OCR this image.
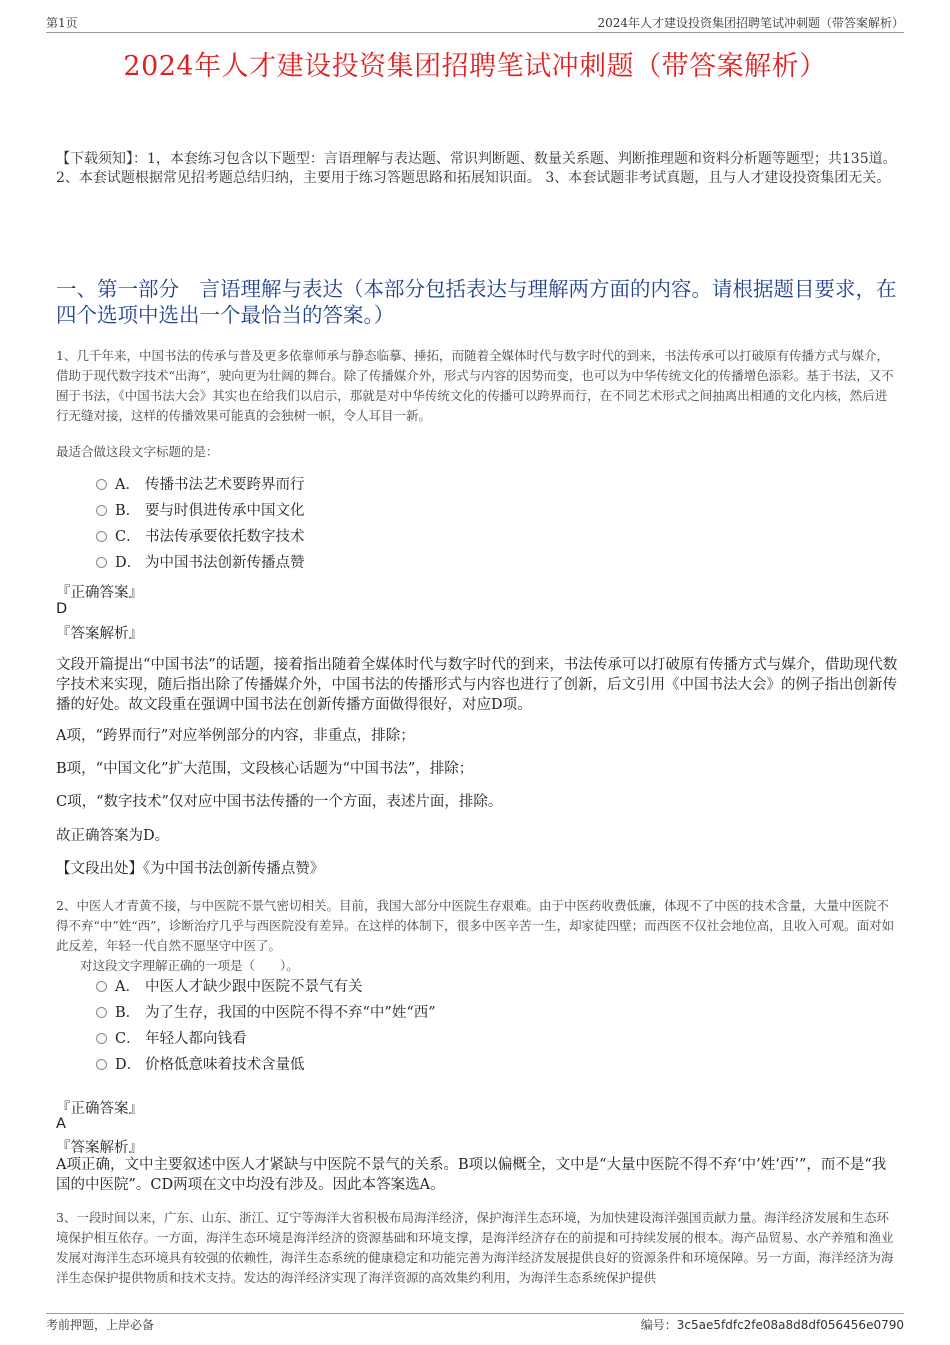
第1页	2024年人才建设投资集团招聘笔试冲刺题（带答案解析）
2024年人才建设投资集团招聘笔试冲刺题（带答案解析）
【下载须知】：1，本套练习包含以下题型：言语理解与表达题、常识判断题、数量关系题、判断推理题和资料分析题等题型；共135道。 2、本套试题根据常见招考题总结归纳，主要用于练习答题思路和拓展知识面。 3、本套试题非考试真题，且与人才建设投资集团无关。
一、第一部分　言语理解与表达（本部分包括表达与理解两方面的内容。请根据题目要求，在四个选项中选出一个最恰当的答案。）
1、几千年来，中国书法的传承与普及更多依靠师承与静态临摹、捶拓，而随着全媒体时代与数字时代的到来，书法传承可以打破原有传播方式与媒介，借助于现代数字技术“出海”，驶向更为壮阔的舞台。除了传播媒介外，形式与内容的因势而变，也可以为中华传统文化的传播增色添彩。基于书法，又不囿于书法，《中国书法大会》其实也在给我们以启示，那就是对中华传统文化的传播可以跨界而行，在不同艺术形式之间抽离出相通的文化内核，然后进行无缝对接，这样的传播效果可能真的会独树一帜，令人耳目一新。
最适合做这段文字标题的是：
A． 传播书法艺术要跨界而行
B． 要与时俱进传承中国文化
C． 书法传承要依托数字技术
D． 为中国书法创新传播点赞
『正确答案』
D
『答案解析』
文段开篇提出“中国书法”的话题，接着指出随着全媒体时代与数字时代的到来，书法传承可以打破原有传播方式与媒介，借助现代数字技术来实现，随后指出除了传播媒介外，中国书法的传播形式与内容也进行了创新，后文引用《中国书法大会》的例子指出创新传播的好处。故文段重在强调中国书法在创新传播方面做得很好，对应D项。
A项，“跨界而行”对应举例部分的内容，非重点，排除；
B项，“中国文化”扩大范围，文段核心话题为“中国书法”，排除；
C项，“数字技术”仅对应中国书法传播的一个方面，表述片面，排除。
故正确答案为D。
【文段出处】《为中国书法创新传播点赞》
2、中医人才青黄不接，与中医院不景气密切相关。目前，我国大部分中医院生存艰难。由于中医药收费低廉，体现不了中医的技术含量，大量中医院不得不弃“中”姓“西”，诊断治疗几乎与西医院没有差异。在这样的体制下，很多中医辛苦一生，却家徒四壁；而西医不仅社会地位高，且收入可观。面对如此反差，年轻一代自然不愿坚守中医了。
对这段文字理解正确的一项是（　　）。
A． 中医人才缺少跟中医院不景气有关
B． 为了生存，我国的中医院不得不弃“中”姓“西”
C． 年轻人都向钱看
D． 价格低意味着技术含量低
『正确答案』
A
『答案解析』
A项正确，文中主要叙述中医人才紧缺与中医院不景气的关系。B项以偏概全，文中是“大量中医院不得不弃‘中’姓‘西’”，而不是“我国的中医院”。CD两项在文中均没有涉及。因此本答案选A。
3、一段时间以来，广东、山东、浙江、辽宁等海洋大省积极布局海洋经济，保护海洋生态环境，为加快建设海洋强国贡献力量。海洋经济发展和生态环境保护相互依存。一方面，海洋生态环境是海洋经济的资源基础和环境支撑，是海洋经济存在的前提和可持续发展的根本。海产品贸易、水产养殖和渔业发展对海洋生态环境具有较强的依赖性，海洋生态系统的健康稳定和功能完善为海洋经济发展提供良好的资源条件和环境保障。另一方面，海洋经济为海洋生态保护提供物质和技术支持。发达的海洋经济实现了海洋资源的高效集约利用，为海洋生态系统保护提供
考前押题，上岸必备	编号：3c5ae5fdfc2fe08a8d8df056456e0790
